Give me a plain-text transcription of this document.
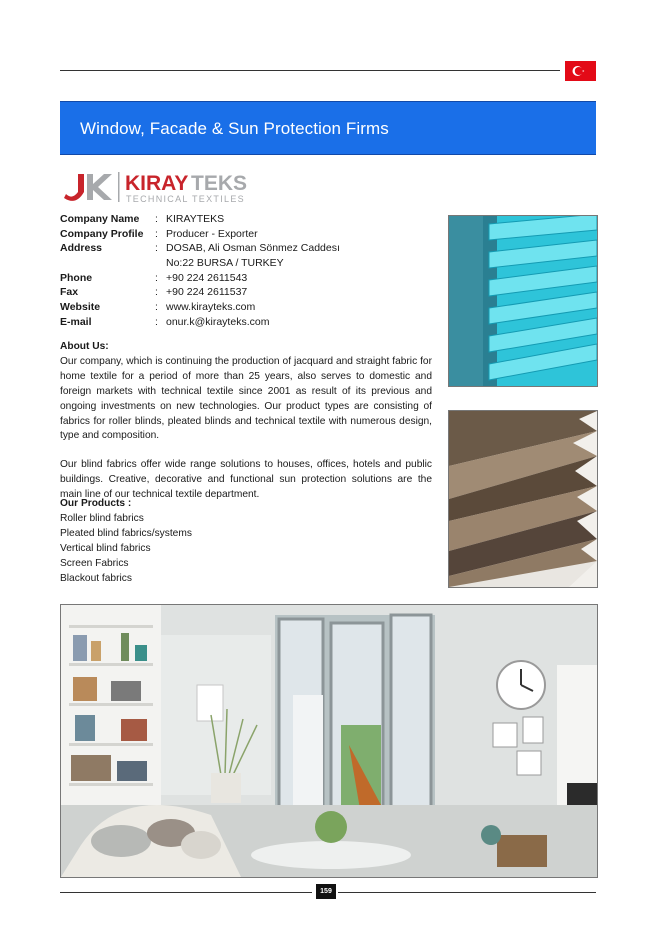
Window, Facade & Sun Protection Firms
KIRAY TEKS
TECHNICAL TEXTILES
Company Name : KIRAYTEKS
Company Profile : Producer - Exporter
Address	: DOSAB, Ali Osman Sönmez Caddesı
No:22 BURSA / TURKEY
Phone	: +90 224 2611543
Fax	: +90 224 2611537
Website	: www.kirayteks.com
E-mail	: onur.k@kirayteks.com

About Us:

Our company, which is continuing the production of jacquard and straight fabric for home textile for a period of more than 25 years, also serves to domestic and foreign markets with technical textile since 2001 as result of its previous and ongoing investments on new technologies. Our product types are consisting of fabrics for roller blinds, pleated blinds and technical textile with numerous design, type and composition.

Our blind fabrics offer wide range solutions to houses, offices, hotels and public buildings. Creative, decorative and functional sun protection solutions are the main line of our technical textile department.

Our Products :
Roller blind fabrics
Pleated blind fabrics/systems
Vertical blind fabrics
Screen Fabrics
Blackout fabrics
159
